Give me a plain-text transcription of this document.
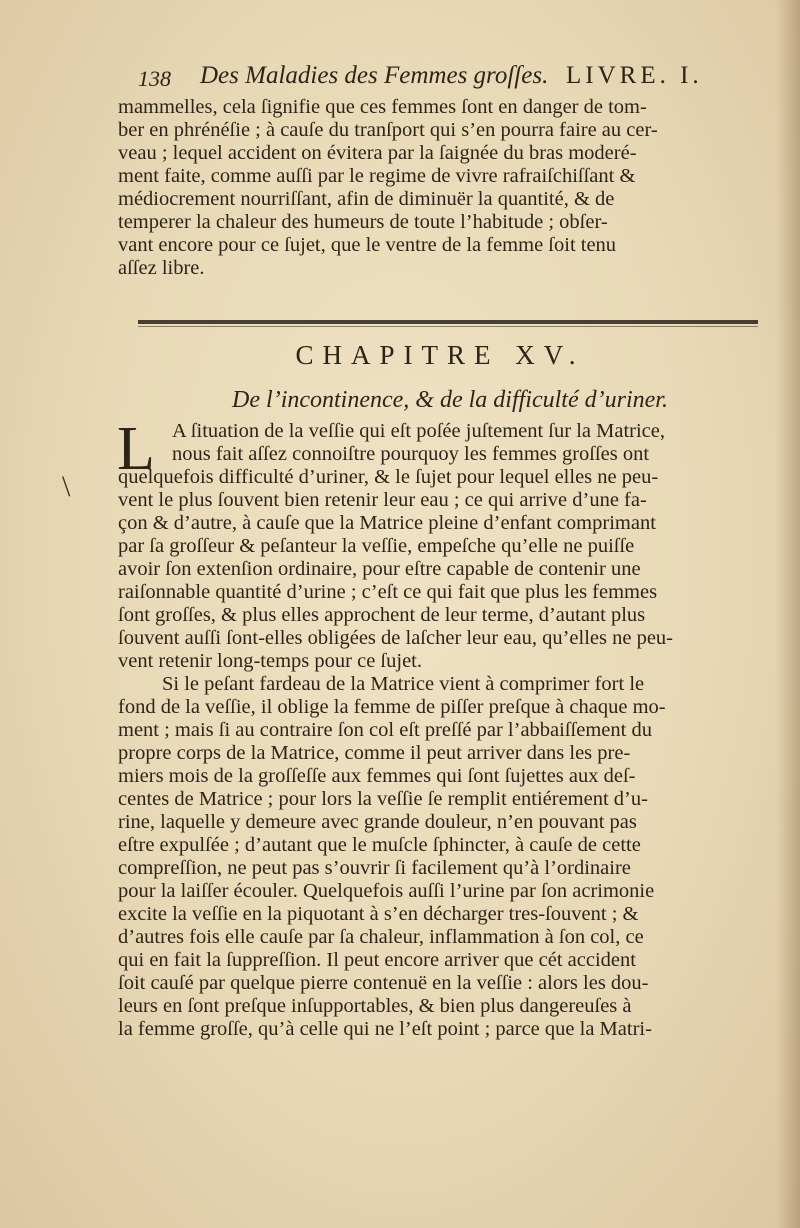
138 Des Maladies des Femmes groſſes. LIVRE. I.
mammelles, cela ſignifie que ces femmes ſont en danger de tom-
ber en phrénéſie ; à cauſe du tranſport qui s’en pourra faire au cer-
veau ; lequel accident on évitera par la ſaignée du bras moderé-
ment faite, comme auſſi par le regime de vivre rafraiſchiſſant &
médiocrement nourriſſant, afin de diminuër la quantité, & de
temperer la chaleur des humeurs de toute l’habitude ; obſer-
vant encore pour ce ſujet, que le ventre de la femme ſoit tenu
aſſez libre.
CHAPITRE XV.
De l’incontinence, & de la difficulté d’uriner.
\
L A ſituation de la veſſie qui eſt poſée juſtement ſur la Matrice,
nous fait aſſez connoiſtre pourquoy les femmes groſſes ont
quelquefois difficulté d’uriner, & le ſujet pour lequel elles ne peu-
vent le plus ſouvent bien retenir leur eau ; ce qui arrive d’une fa-
çon & d’autre, à cauſe que la Matrice pleine d’enfant comprimant
par ſa groſſeur & peſanteur la veſſie, empeſche qu’elle ne puiſſe
avoir ſon extenſion ordinaire, pour eſtre capable de contenir une
raiſonnable quantité d’urine ; c’eſt ce qui fait que plus les femmes
ſont groſſes, & plus elles approchent de leur terme, d’autant plus
ſouvent auſſi ſont-elles obligées de laſcher leur eau, qu’elles ne peu-
vent retenir long-temps pour ce ſujet.
Si le peſant fardeau de la Matrice vient à comprimer fort le
fond de la veſſie, il oblige la femme de piſſer preſque à chaque mo-
ment ; mais ſi au contraire ſon col eſt preſſé par l’abbaiſſement du
propre corps de la Matrice, comme il peut arriver dans les pre-
miers mois de la groſſeſſe aux femmes qui ſont ſujettes aux deſ-
centes de Matrice ; pour lors la veſſie ſe remplit entiérement d’u-
rine, laquelle y demeure avec grande douleur, n’en pouvant pas
eſtre expulſée ; d’autant que le muſcle ſphincter, à cauſe de cette
compreſſion, ne peut pas s’ouvrir ſi facilement qu’à l’ordinaire
pour la laiſſer écouler. Quelquefois auſſi l’urine par ſon acrimonie
excite la veſſie en la piquotant à s’en décharger tres-ſouvent ; &
d’autres fois elle cauſe par ſa chaleur, inflammation à ſon col, ce
qui en fait la ſuppreſſion. Il peut encore arriver que cét accident
ſoit cauſé par quelque pierre contenuë en la veſſie : alors les dou-
leurs en ſont preſque inſupportables, & bien plus dangereuſes à
la femme groſſe, qu’à celle qui ne l’eſt point ; parce que la Matri-
